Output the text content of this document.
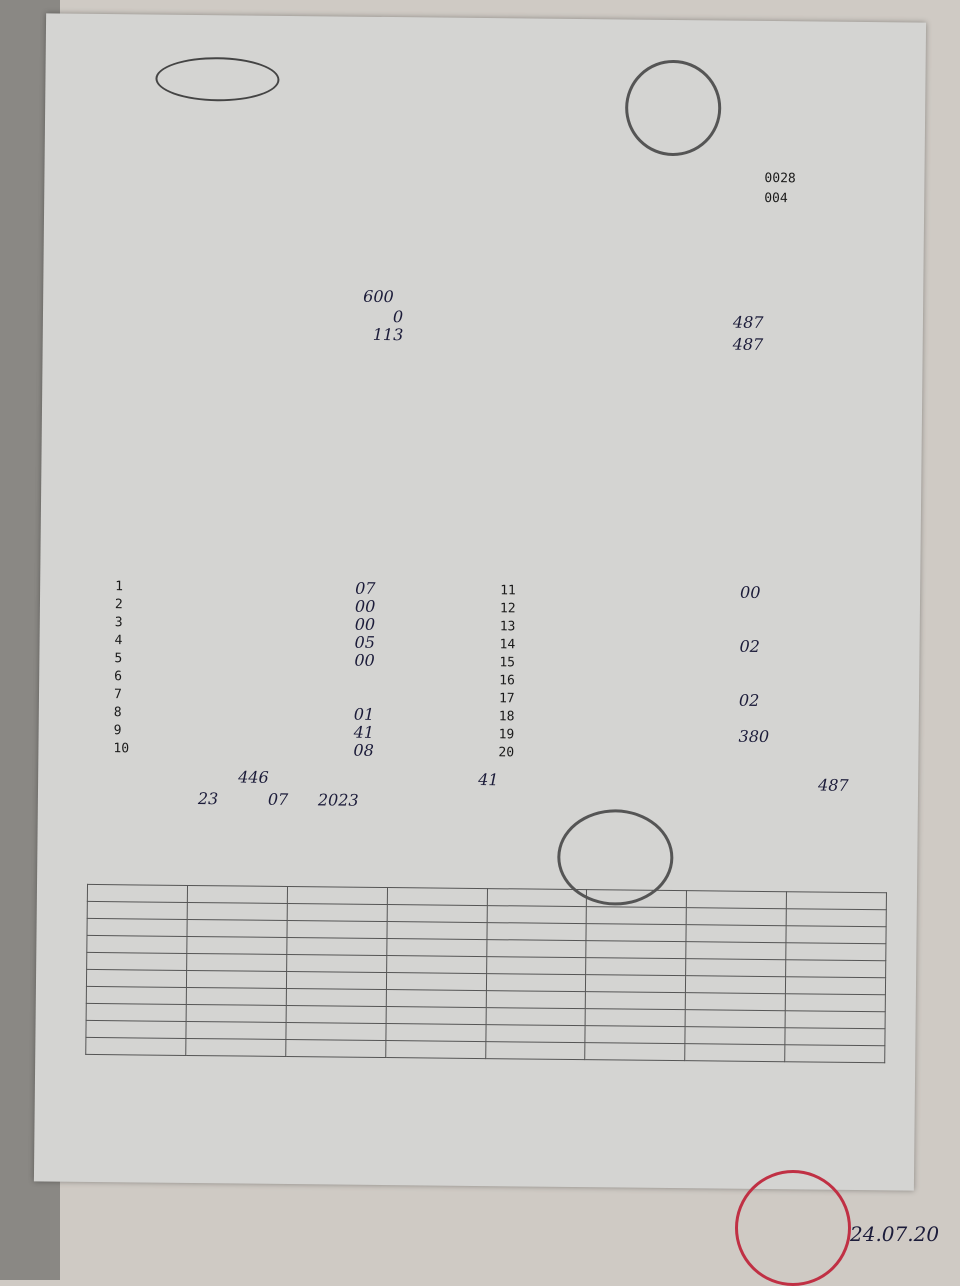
0028
004
600
0
113
487
487
1	07
2	00
3	00
4	05
5	00
6
7
8	01
9	41
10	08
11	00
12
13
14	02
15
16
17	02
18
19	380
20
446	41	487
23	07 2023

24.07.20
